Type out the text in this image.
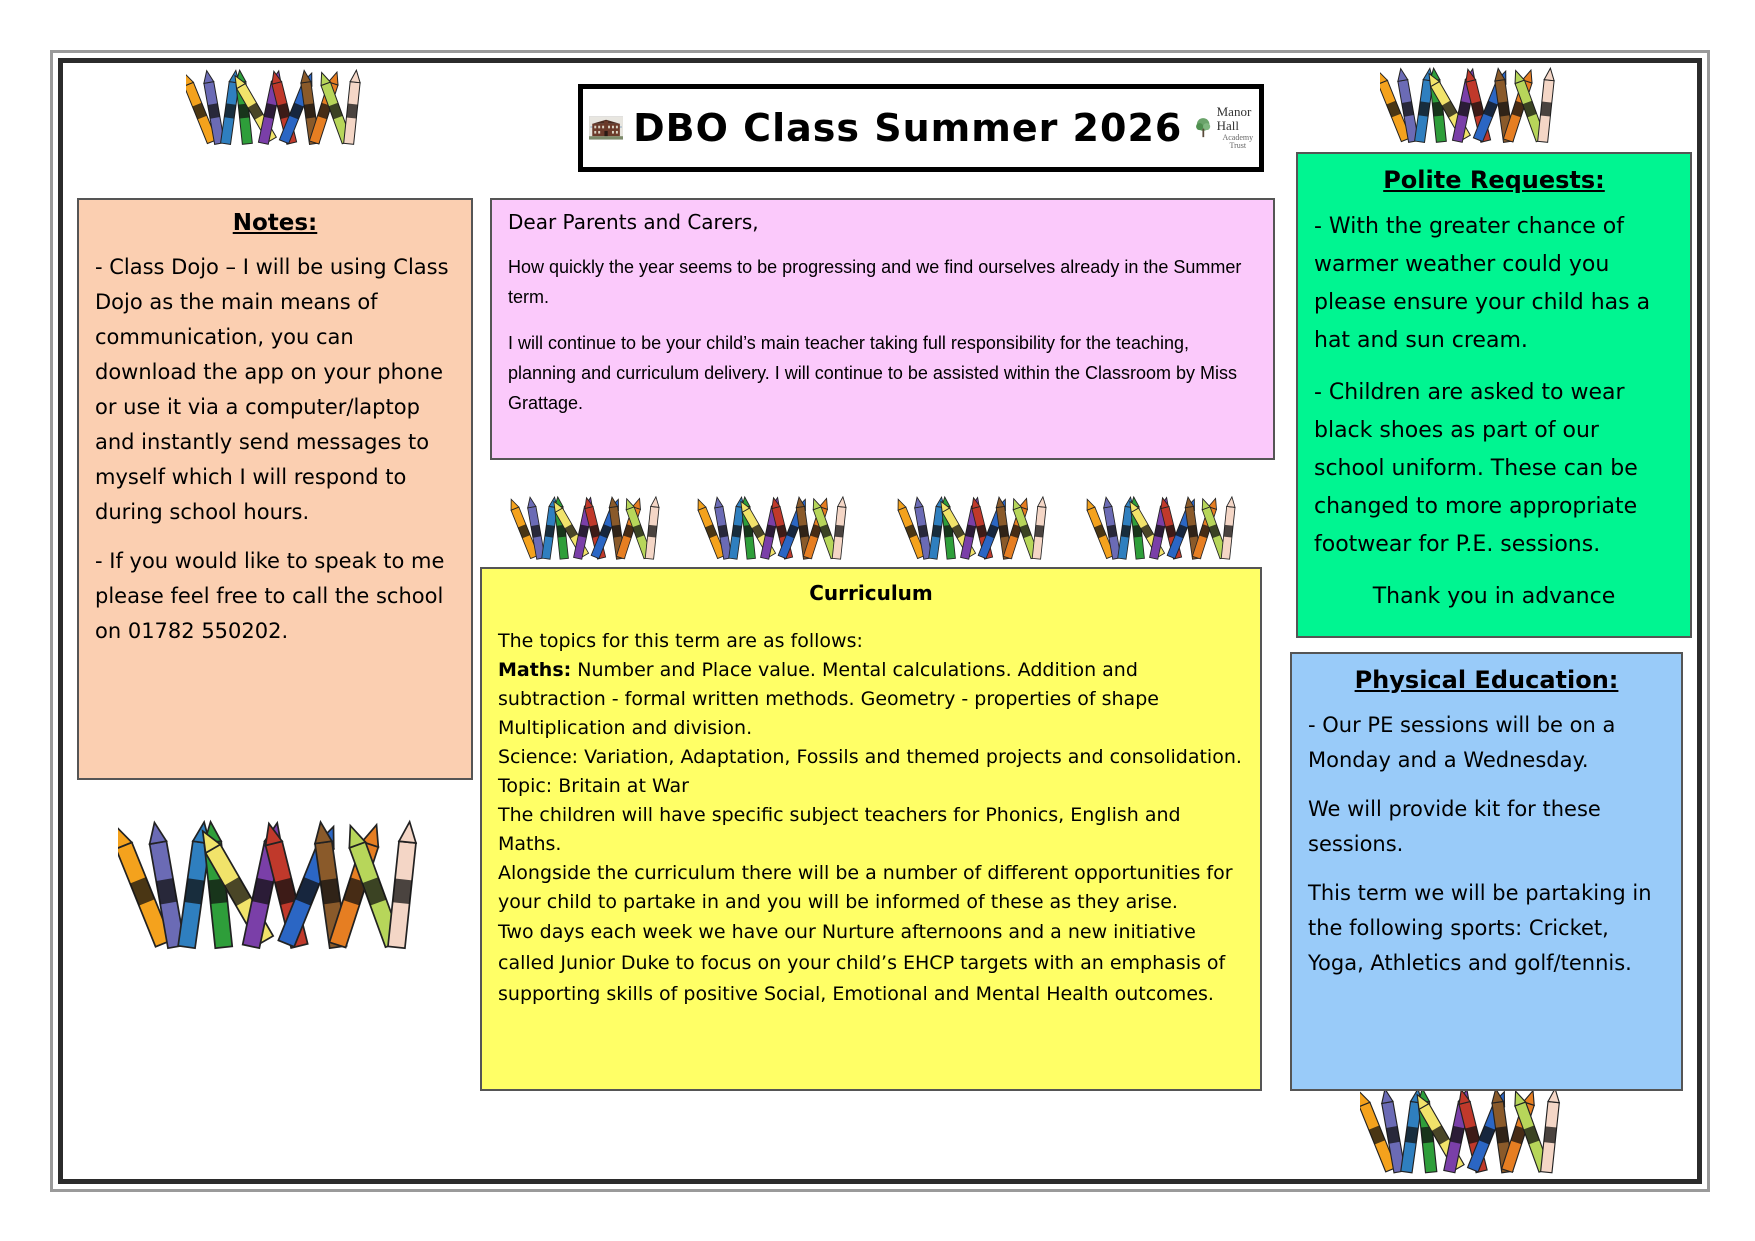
DBO Class Summer 2026	Manor Hall
Academy Trust
Notes:

- Class Dojo – I will be using Class Dojo as the main means of communication, you can download the app on your phone or use it via a computer/laptop and instantly send messages to myself which I will respond to during school hours.

- If you would like to speak to me please feel free to call the school on 01782 550202.

Dear Parents and Carers,

How quickly the year seems to be progressing and we find ourselves already in the Summer term.

I will continue to be your child’s main teacher taking full responsibility for the teaching, planning and curriculum delivery. I will continue to be assisted within the Classroom by Miss Grattage.

Curriculum
The topics for this term are as follows:
Maths: Number and Place value. Mental calculations. Addition and subtraction - formal written methods. Geometry - properties of shape Multiplication and division.
Science: Variation, Adaptation, Fossils and themed projects and consolidation.
Topic: Britain at War
The children will have specific subject teachers for Phonics, English and Maths.
Alongside the curriculum there will be a number of different opportunities for your child to partake in and you will be informed of these as they arise.
Two days each week we have our Nurture afternoons and a new initiative called Junior Duke to focus on your child’s EHCP targets with an emphasis of supporting skills of positive Social, Emotional and Mental Health outcomes.
Polite Requests:

- With the greater chance of warmer weather could you please ensure your child has a hat and sun cream.

- Children are asked to wear black shoes as part of our school uniform. These can be changed to more appropriate footwear for P.E. sessions.

Thank you in advance

Physical Education:

- Our PE sessions will be on a Monday and a Wednesday.

We will provide kit for these sessions.

This term we will be partaking in the following sports: Cricket, Yoga, Athletics and golf/tennis.
